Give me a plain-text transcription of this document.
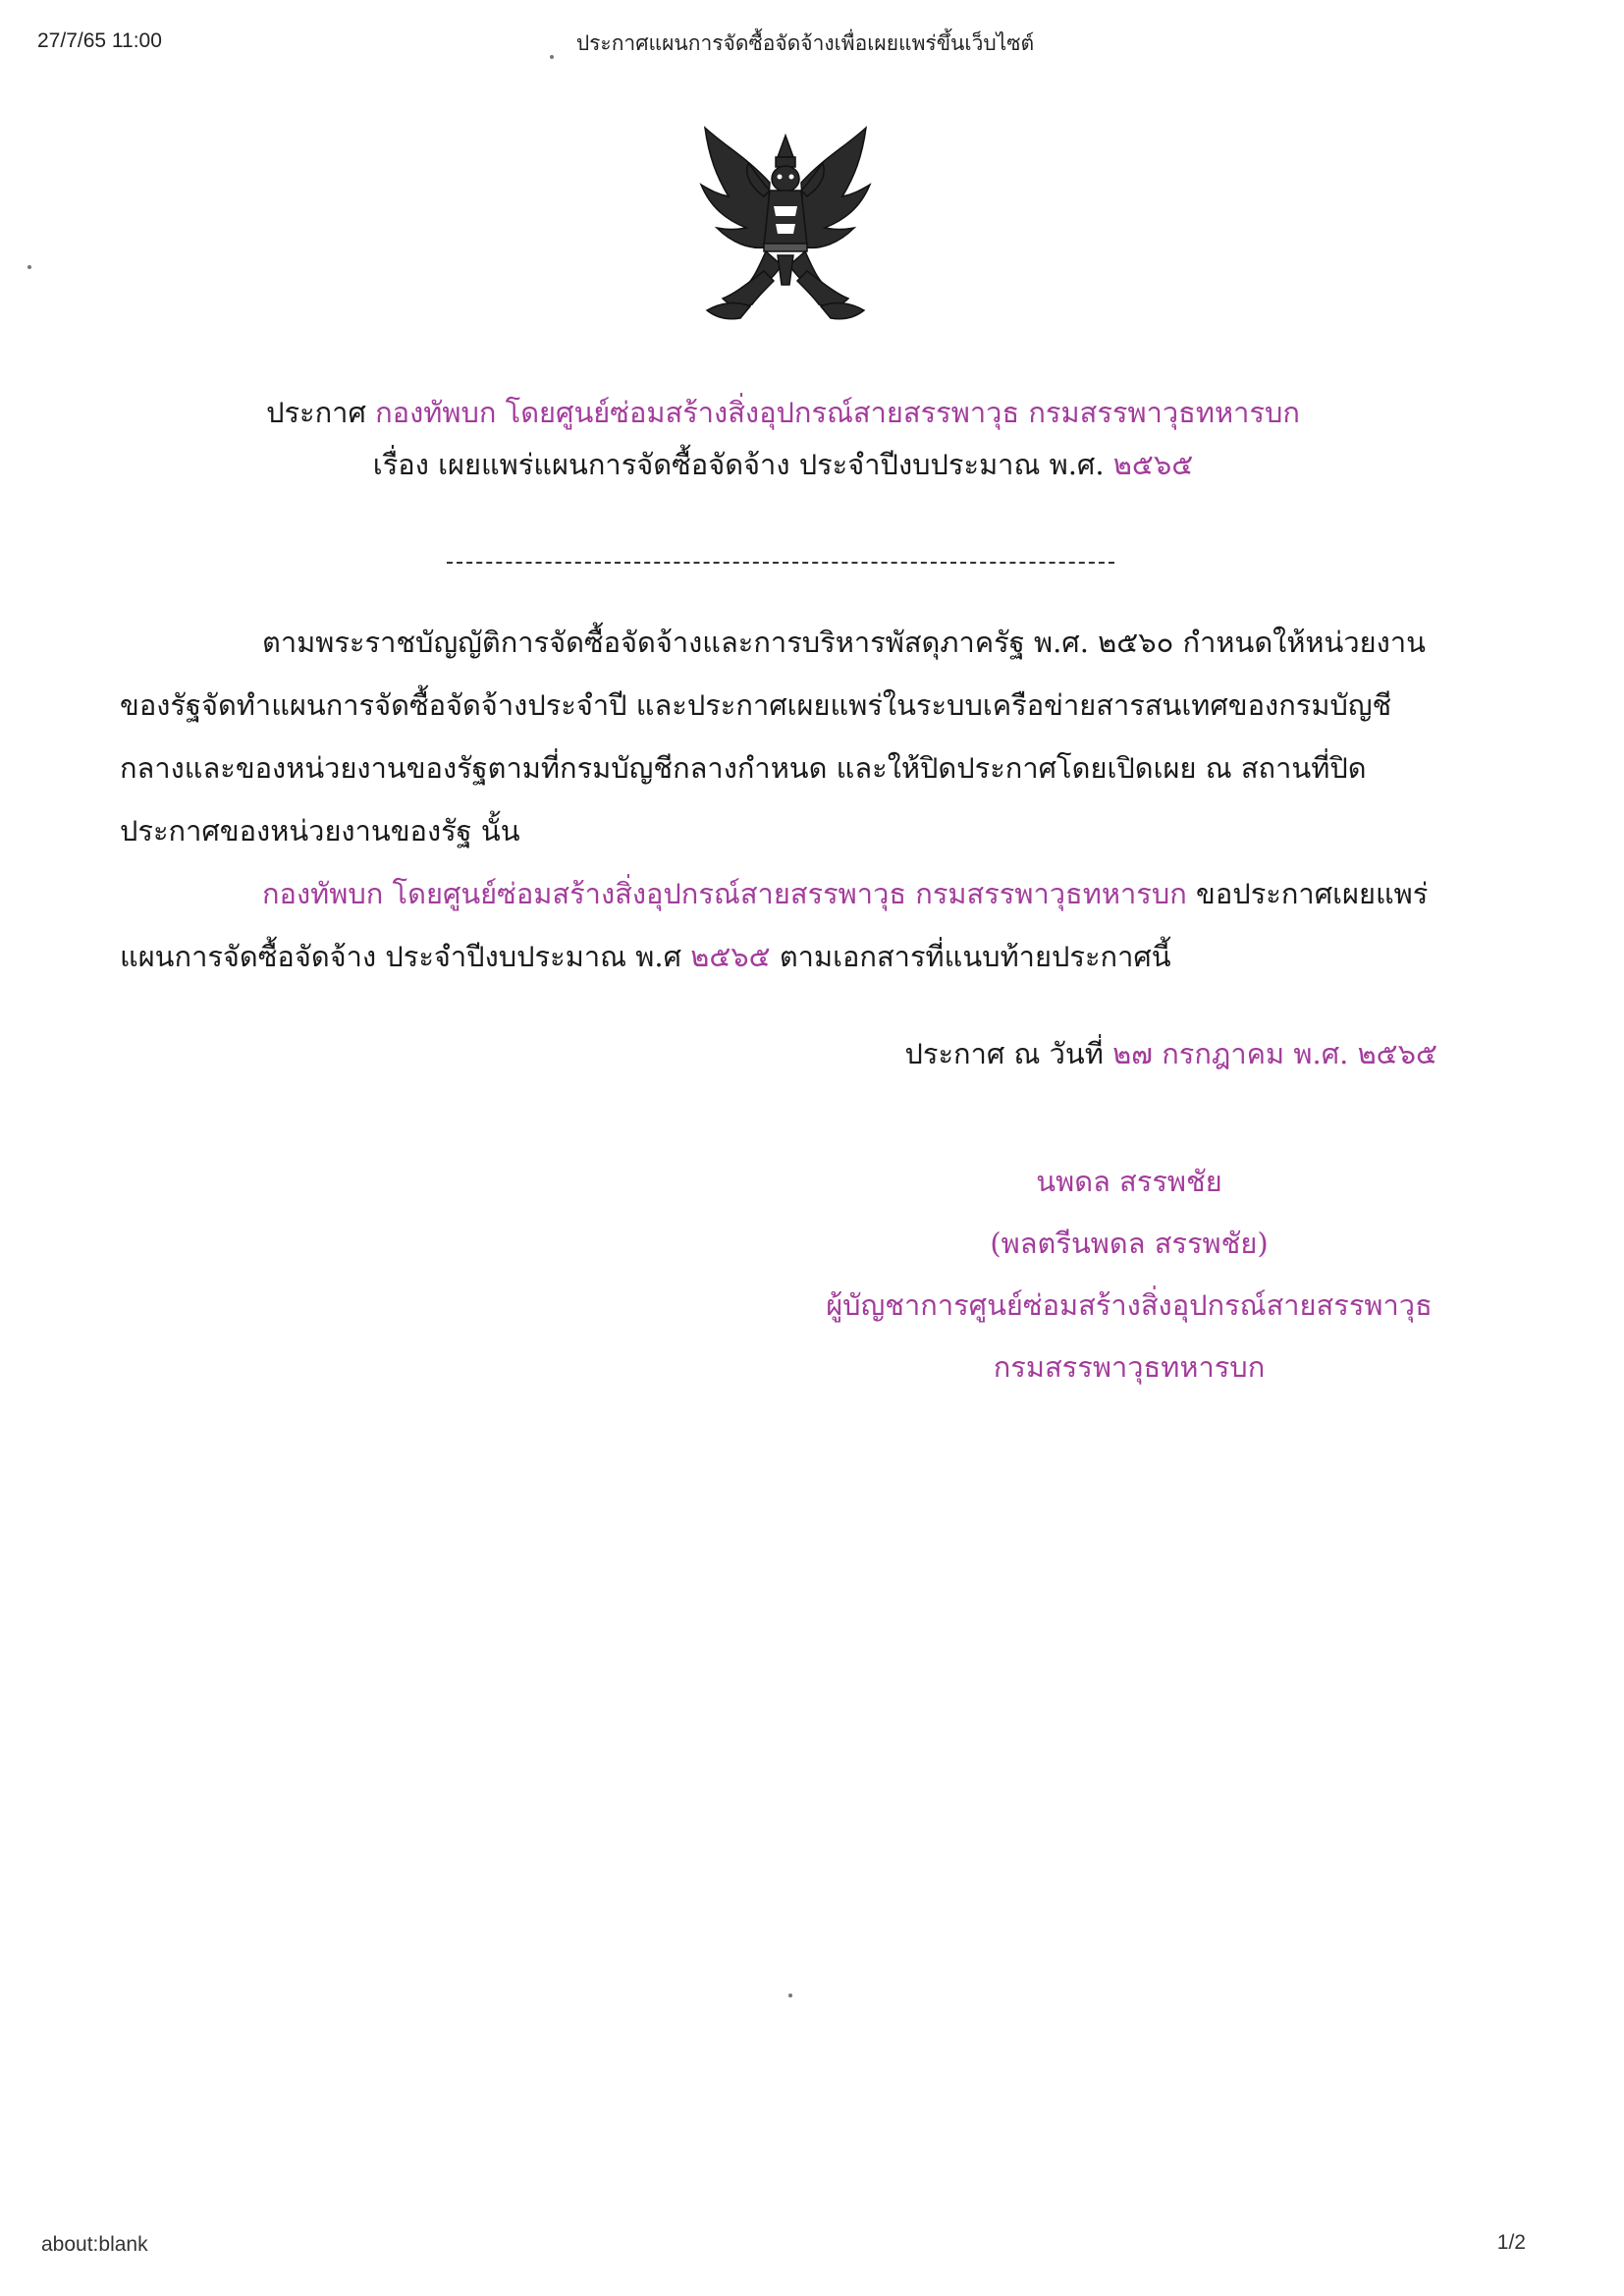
27/7/65 11:00	ประกาศแผนการจัดซื้อจัดจ้างเพื่อเผยแพร่ขึ้นเว็บไซต์
ประกาศ กองทัพบก โดยศูนย์ซ่อมสร้างสิ่งอุปกรณ์สายสรรพาวุธ กรมสรรพาวุธทหารบก
เรื่อง เผยแพร่แผนการจัดซื้อจัดจ้าง ประจำปีงบประมาณ พ.ศ. ๒๕๖๕

ตามพระราชบัญญัติการจัดซื้อจัดจ้างและการบริหารพัสดุภาครัฐ พ.ศ. ๒๕๖๐ กำหนดให้หน่วยงานของรัฐจัดทำแผนการจัดซื้อจัดจ้างประจำปี และประกาศเผยแพร่ในระบบเครือข่ายสารสนเทศของกรมบัญชีกลางและของหน่วยงานของรัฐตามที่กรมบัญชีกลางกำหนด และให้ปิดประกาศโดยเปิดเผย ณ สถานที่ปิดประกาศของหน่วยงานของรัฐ นั้น

กองทัพบก โดยศูนย์ซ่อมสร้างสิ่งอุปกรณ์สายสรรพาวุธ กรมสรรพาวุธทหารบก ขอประกาศเผยแพร่แผนการจัดซื้อจัดจ้าง ประจำปีงบประมาณ พ.ศ ๒๕๖๕ ตามเอกสารที่แนบท้ายประกาศนี้

ประกาศ ณ วันที่ ๒๗ กรกฎาคม พ.ศ. ๒๕๖๕
นพดล สรรพชัย
(พลตรีนพดล สรรพชัย)
ผู้บัญชาการศูนย์ซ่อมสร้างสิ่งอุปกรณ์สายสรรพาวุธ
กรมสรรพาวุธทหารบก
about:blank	1/2
